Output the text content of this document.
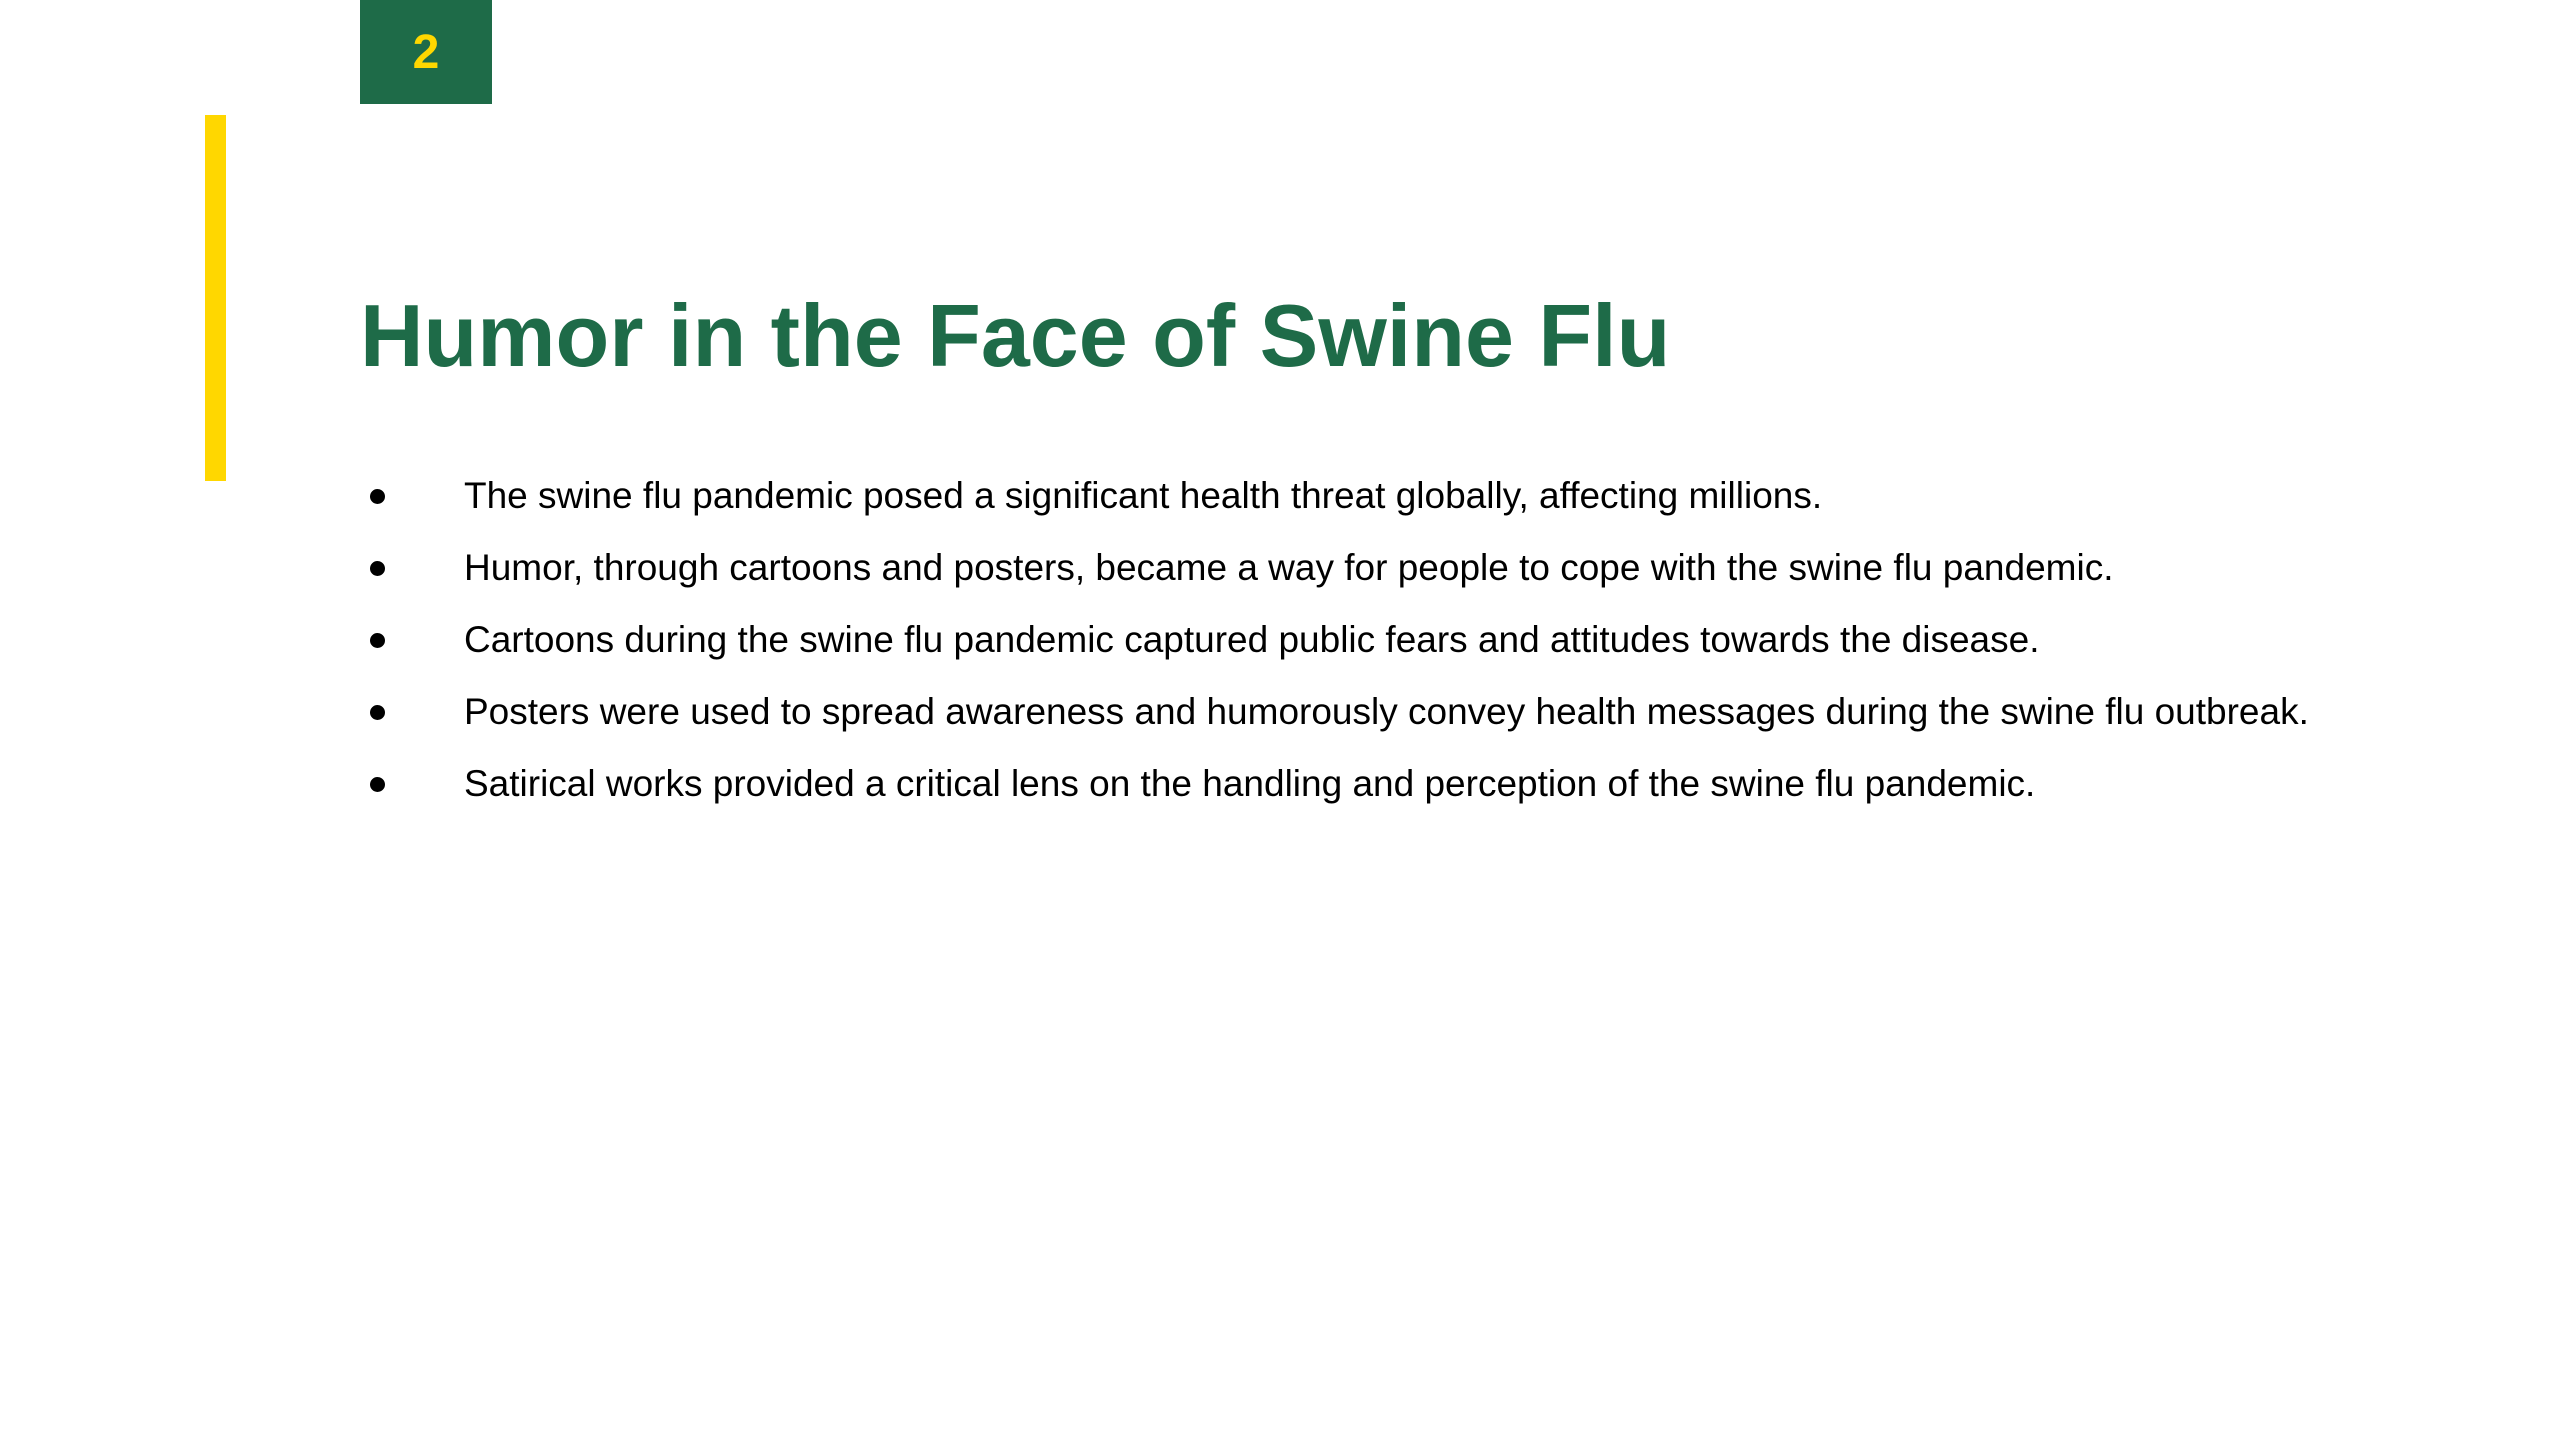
2
Humor in the Face of Swine Flu
The swine flu pandemic posed a significant health threat globally, affecting millions.
Humor, through cartoons and posters, became a way for people to cope with the swine flu pandemic.
Cartoons during the swine flu pandemic captured public fears and attitudes towards the disease.
Posters were used to spread awareness and humorously convey health messages during the swine flu outbreak.
Satirical works provided a critical lens on the handling and perception of the swine flu pandemic.
